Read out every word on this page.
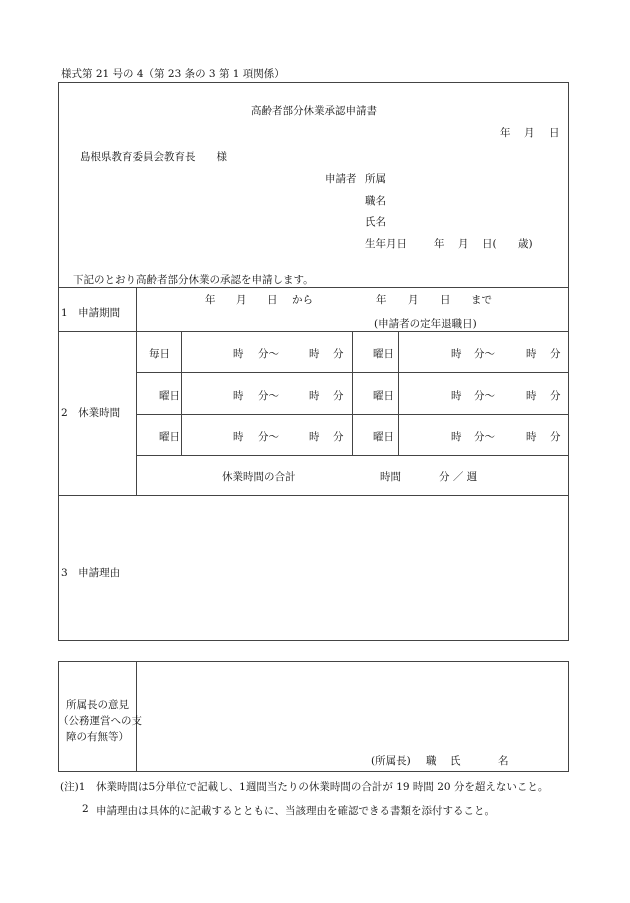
様式第 21 号の 4（第 23 条の 3 第 1 項関係）
高齢者部分休業承認申請書
年 月 日
島根県教育委員会教育長　　様
申請者 所属
職名
氏名
生年月日	年 月 日( 歳)
下記のとおり高齢者部分休業の承認を申請します。
1　申請期間
年 月 日 から	年 月 日 まで
(申請者の定年退職日)
2　休業時間
毎日	時 分〜	時 分	曜日	時 分〜	時 分
曜日	時 分〜	時 分	曜日	時 分〜	時 分
曜日	時 分〜	時 分	曜日	時 分〜	時 分
休業時間の合計	時間	分 ／ 週
3　申請理由
所属長の意見
（公務運営への支
障の有無等）
(所属長) 職 氏	名
(注)1 休業時間は5分単位で記載し、1週間当たりの休業時間の合計が 19 時間 20 分を超えないこと。
2 申請理由は具体的に記載するとともに、当該理由を確認できる書類を添付すること。
